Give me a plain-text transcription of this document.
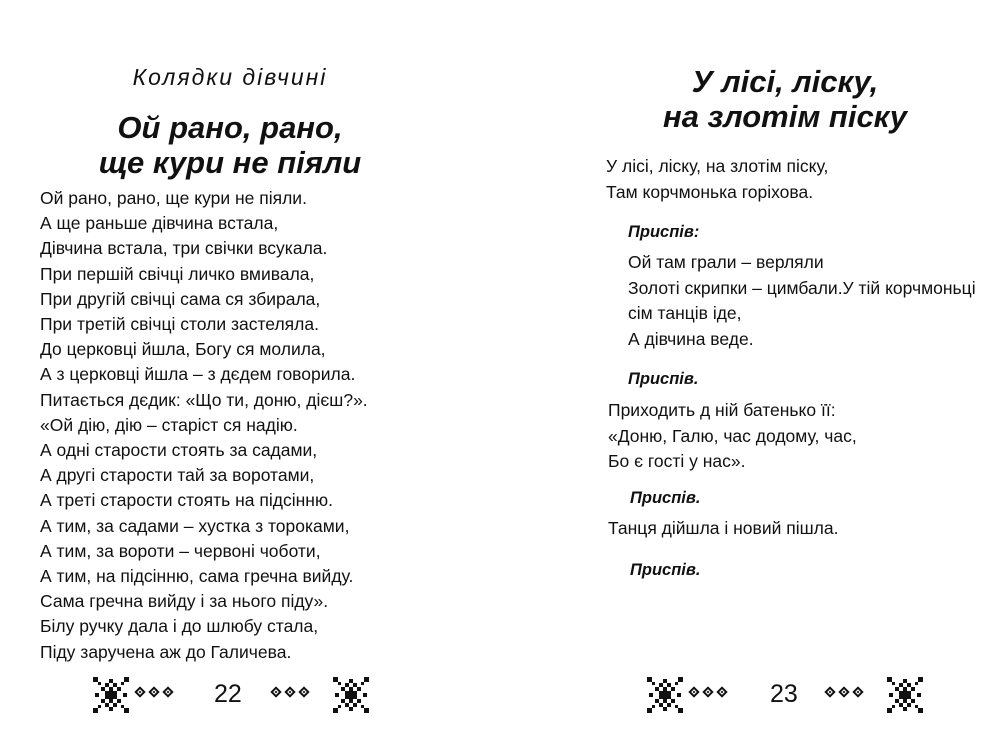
Колядки дівчині
Ой рано, рано,
ще кури не піяли
Ой рано, рано, ще кури не піяли.
А ще раньше дівчина встала,
Дівчина встала, три свічки всукала.
При першій свічці личко вмивала,
При другій свічці сама ся збирала,
При третій свічці столи застеляла.
До церковці йшла, Богу ся молила,
А з церковці йшла – з дєдем говорила.
Питається дєдик: «Що ти, доню, дієш?».
«Ой дію, дію – старіст ся надію.
А одні старости стоять за садами,
А другі старости тай за воротами,
А треті старости стоять на підсінню.
А тим, за садами – хустка з тороками,
А тим, за вороти – червоні чоботи,
А тим, на підсінню, сама гречна вийду.
Сама гречна вийду і за нього піду».
Білу ручку дала і до шлюбу стала,
Піду заручена аж до Галичева.
22
У лісі, ліску,
на злотім піску
У лісі, ліску, на злотім піску,
Там корчмонька горіхова.
Приспів:
Ой там грали – верляли
Золоті скрипки – цимбали.У тій корчмоньці
сім танців іде,
А дівчина веде.
Приспів.
Приходить д ній батенько її:
«Доню, Галю, час додому, час,
Бо є гості у нас».
Приспів.
Танця дійшла і новий пішла.
Приспів.
23
